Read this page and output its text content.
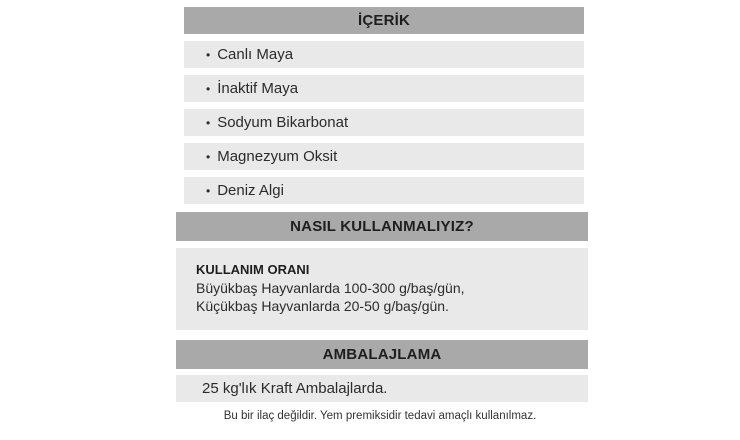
İÇERİK
• Canlı Maya
• İnaktif Maya
• Sodyum Bikarbonat
• Magnezyum Oksit
• Deniz Algi
NASIL KULLANMALIYIZ?
KULLANIM ORANI
Büyükbaş Hayvanlarda 100-300 g/baş/gün,
Küçükbaş Hayvanlarda 20-50 g/baş/gün.
AMBALAJLAMA
25 kg'lık Kraft Ambalajlarda.
Bu bir ilaç değildir. Yem premiksidir tedavi amaçlı kullanılmaz.
